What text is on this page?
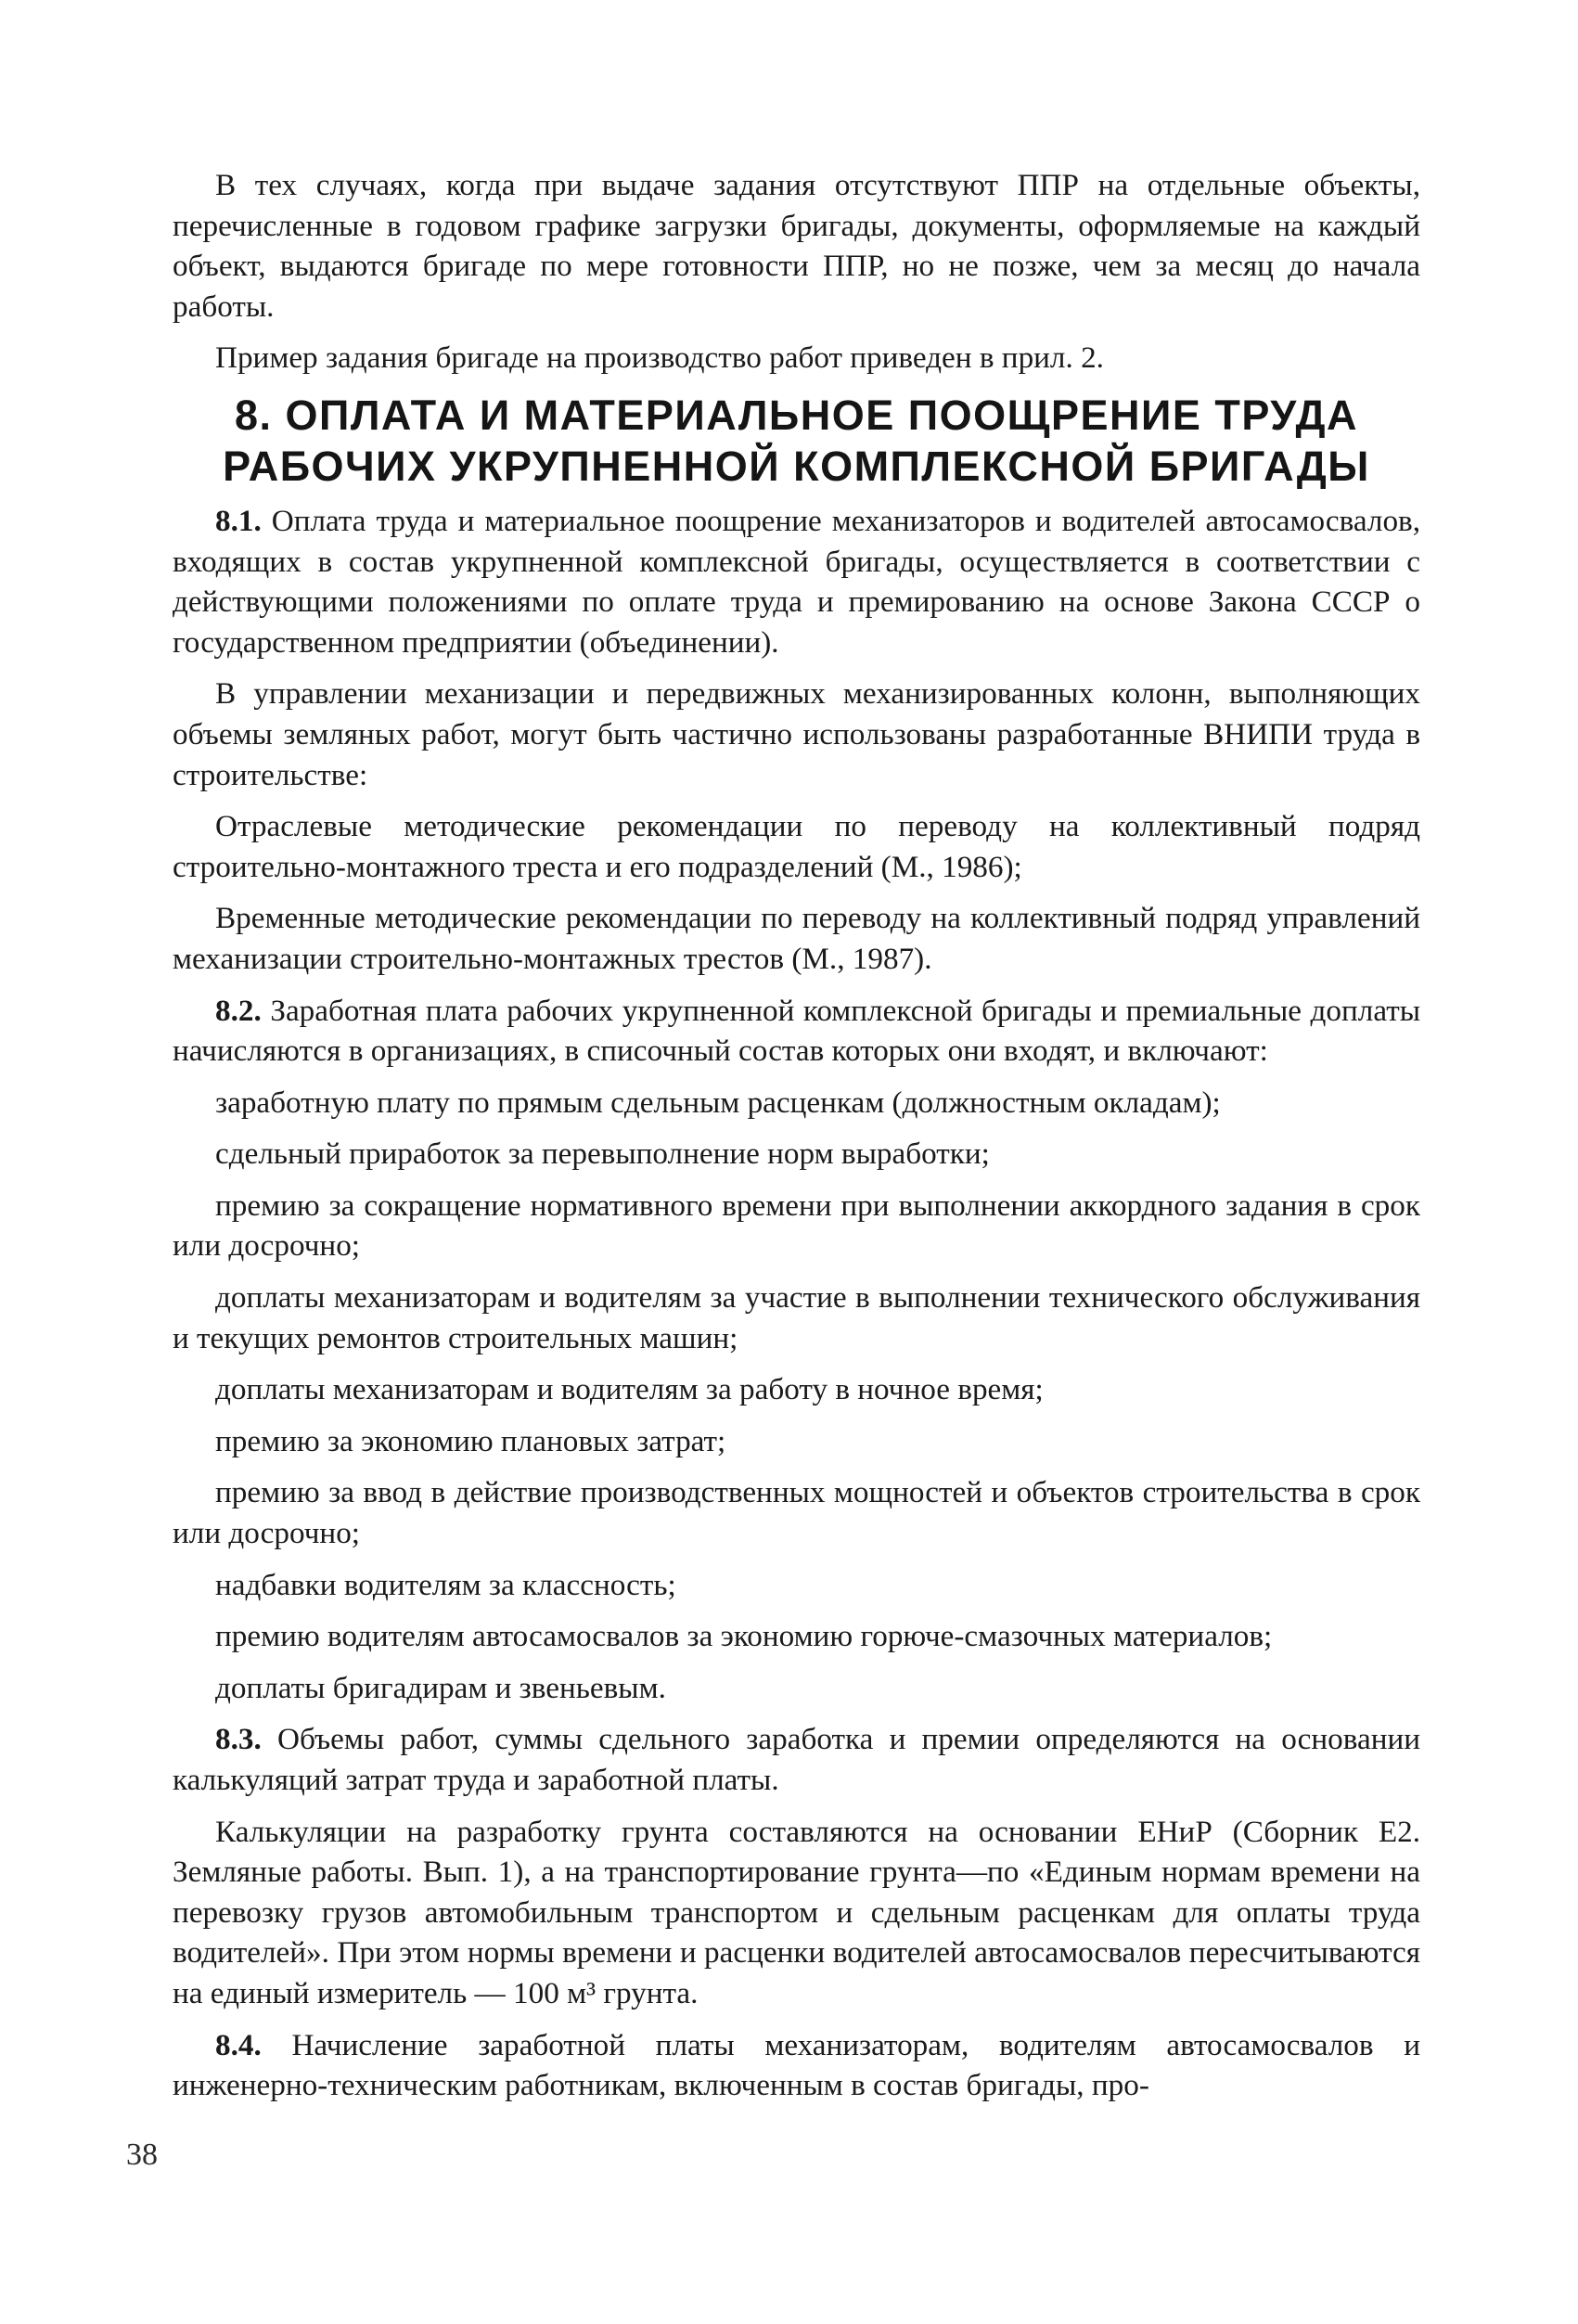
В тех случаях, когда при выдаче задания отсутствуют ППР на отдельные объекты, перечисленные в годовом графике загрузки бригады, документы, оформляемые на каждый объект, выдаются бригаде по мере готовности ППР, но не позже, чем за месяц до начала работы.

Пример задания бригаде на производство работ приведен в прил. 2.

8. ОПЛАТА И МАТЕРИАЛЬНОЕ ПООЩРЕНИЕ ТРУДА
РАБОЧИХ УКРУПНЕННОЙ КОМПЛЕКСНОЙ БРИГАДЫ

8.1. Оплата труда и материальное поощрение механизаторов и водителей автосамосвалов, входящих в состав укрупненной комплексной бригады, осуществляется в соответствии с действующими положениями по оплате труда и премированию на основе Закона СССР о государственном предприятии (объединении).

В управлении механизации и передвижных механизированных колонн, выполняющих объемы земляных работ, могут быть частично использованы разработанные ВНИПИ труда в строительстве:

Отраслевые методические рекомендации по переводу на коллективный подряд строительно-монтажного треста и его подразделений (М., 1986);

Временные методические рекомендации по переводу на коллективный подряд управлений механизации строительно-монтажных трестов (М., 1987).

8.2. Заработная плата рабочих укрупненной комплексной бригады и премиальные доплаты начисляются в организациях, в списочный состав которых они входят, и включают:

заработную плату по прямым сдельным расценкам (должностным окладам);

сдельный приработок за перевыполнение норм выработки;

премию за сокращение нормативного времени при выполнении аккордного задания в срок или досрочно;

доплаты механизаторам и водителям за участие в выполнении технического обслуживания и текущих ремонтов строительных машин;

доплаты механизаторам и водителям за работу в ночное время;

премию за экономию плановых затрат;

премию за ввод в действие производственных мощностей и объектов строительства в срок или досрочно;

надбавки водителям за классность;

премию водителям автосамосвалов за экономию горюче-смазочных материалов;

доплаты бригадирам и звеньевым.

8.3. Объемы работ, суммы сдельного заработка и премии определяются на основании калькуляций затрат труда и заработной платы.

Калькуляции на разработку грунта составляются на основании ЕНиР (Сборник Е2. Земляные работы. Вып. 1), а на транспортирование грунта—по «Единым нормам времени на перевозку грузов автомобильным транспортом и сдельным расценкам для оплаты труда водителей». При этом нормы времени и расценки водителей автосамосвалов пересчитываются на единый измеритель — 100 м³ грунта.

8.4. Начисление заработной платы механизаторам, водителям автосамосвалов и инженерно-техническим работникам, включенным в состав бригады, про-

38
